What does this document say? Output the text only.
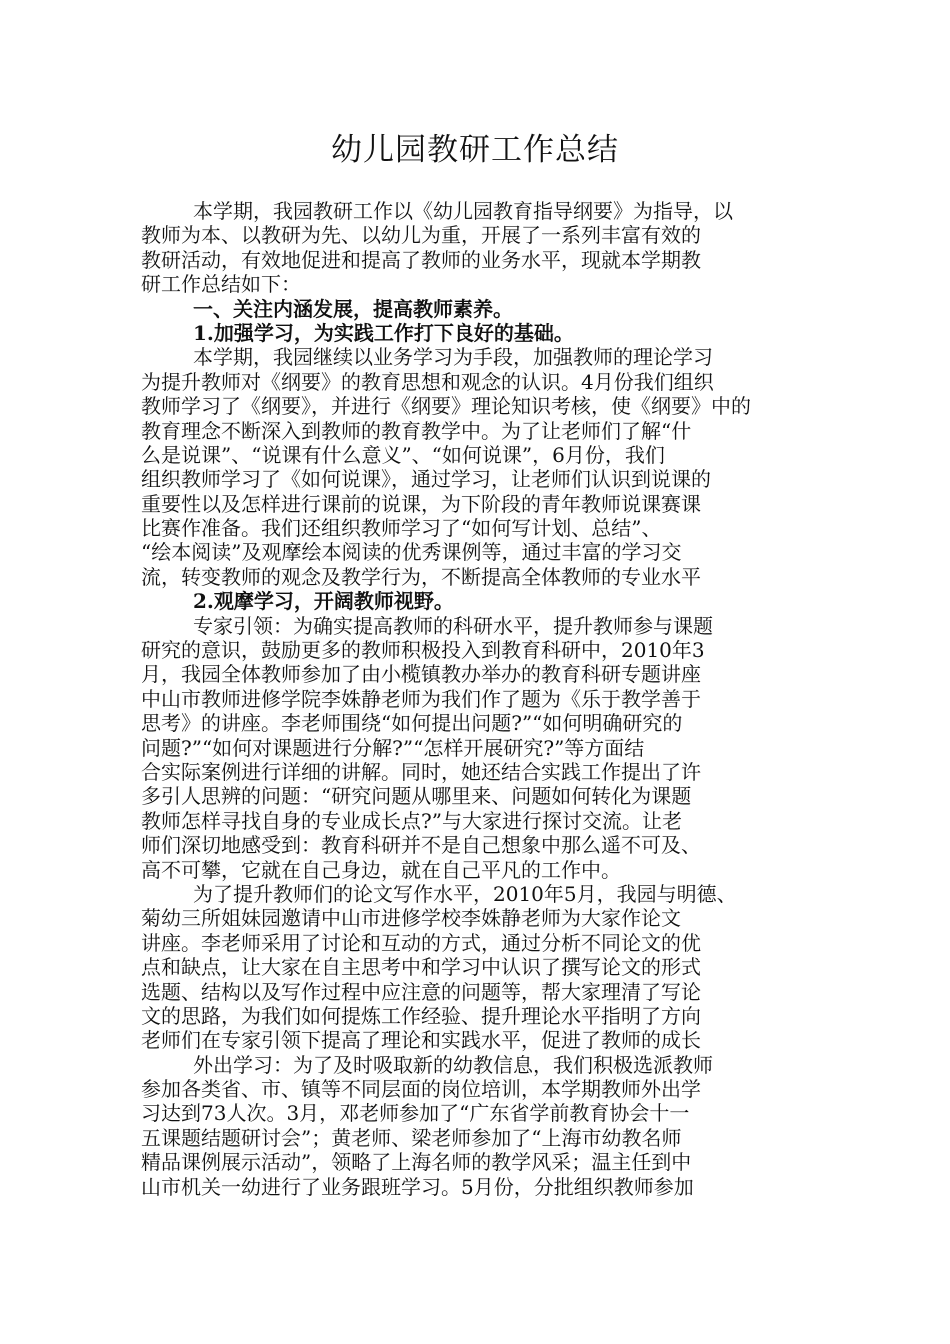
幼儿园教研工作总结
本学期，我园教研工作以《幼儿园教育指导纲要》为指导，以
教师为本、以教研为先、以幼儿为重，开展了一系列丰富有效的
教研活动，有效地促进和提高了教师的业务水平，现就本学期教
研工作总结如下：
一、关注内涵发展，提高教师素养。
1.加强学习，为实践工作打下良好的基础。
本学期，我园继续以业务学习为手段，加强教师的理论学习
为提升教师对《纲要》的教育思想和观念的认识。4月份我们组织
教师学习了《纲要》，并进行《纲要》理论知识考核，使《纲要》中的
教育理念不断深入到教师的教育教学中。为了让老师们了解“什
么是说课”、“说课有什么意义”、“如何说课”，6月份，我们
组织教师学习了《如何说课》，通过学习，让老师们认识到说课的
重要性以及怎样进行课前的说课，为下阶段的青年教师说课赛课
比赛作准备。我们还组织教师学习了“如何写计划、总结”、
“绘本阅读”及观摩绘本阅读的优秀课例等，通过丰富的学习交
流，转变教师的观念及教学行为，不断提高全体教师的专业水平
2.观摩学习，开阔教师视野。
专家引领：为确实提高教师的科研水平，提升教师参与课题
研究的意识，鼓励更多的教师积极投入到教育科研中，2010年3
月，我园全体教师参加了由小榄镇教办举办的教育科研专题讲座
中山市教师进修学院李姝静老师为我们作了题为《乐于教学善于
思考》的讲座。李老师围绕“如何提出问题?”“如何明确研究的
问题?”“如何对课题进行分解?”“怎样开展研究?”等方面结
合实际案例进行详细的讲解。同时，她还结合实践工作提出了许
多引人思辨的问题：“研究问题从哪里来、问题如何转化为课题
教师怎样寻找自身的专业成长点?”与大家进行探讨交流。让老
师们深切地感受到：教育科研并不是自己想象中那么遥不可及、
高不可攀，它就在自己身边，就在自己平凡的工作中。
为了提升教师们的论文写作水平，2010年5月，我园与明德、
菊幼三所姐妹园邀请中山市进修学校李姝静老师为大家作论文
讲座。李老师采用了讨论和互动的方式，通过分析不同论文的优
点和缺点，让大家在自主思考中和学习中认识了撰写论文的形式
选题、结构以及写作过程中应注意的问题等，帮大家理清了写论
文的思路，为我们如何提炼工作经验、提升理论水平指明了方向
老师们在专家引领下提高了理论和实践水平，促进了教师的成长
外出学习：为了及时吸取新的幼教信息，我们积极选派教师
参加各类省、市、镇等不同层面的岗位培训，本学期教师外出学
习达到73人次。3月，邓老师参加了“广东省学前教育协会十一
五课题结题研讨会”；黄老师、梁老师参加了“上海市幼教名师
精品课例展示活动”，领略了上海名师的教学风采；温主任到中
山市机关一幼进行了业务跟班学习。5月份，分批组织教师参加
